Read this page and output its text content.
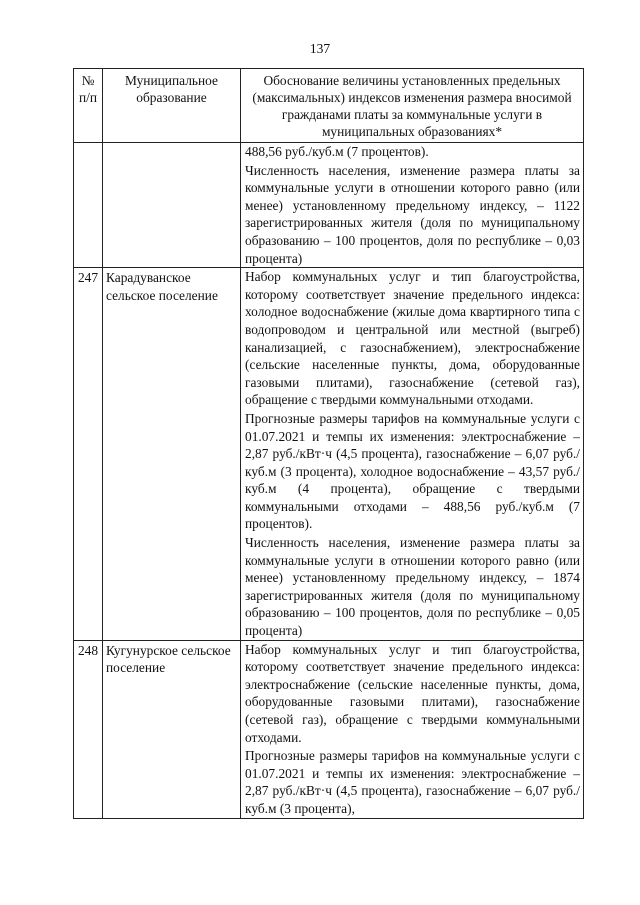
137
№ п/п	Муниципальное образование	Обоснование величины установленных предельных (максимальных) индексов изменения размера вносимой гражданами платы за коммунальные услуги в муниципальных образованиях*

		488,56 руб./куб.м (7 процентов).

Численность населения, изменение размера платы за коммунальные услуги в отношении которого равно (или менее) установленному предельному индексу, – 1122 зарегистрированных жителя (доля по муниципальному образованию – 100 процентов, доля по республике – 0,03 процента)

247	Карадуванское сельское поселение	Набор коммунальных услуг и тип благоустройства, которому соответствует значение предельного индекса: холодное водоснабжение (жилые дома квартирного типа с водопроводом и центральной или местной (выгреб) канализацией, с газоснабжением), электроснабжение (сельские населенные пункты, дома, оборудованные газовыми плитами), газоснабжение (сетевой газ), обращение с твердыми коммунальными отходами.

Прогнозные размеры тарифов на коммунальные услуги с 01.07.2021 и темпы их изменения: электроснабжение – 2,87 руб./кВт·ч (4,5 процента), газоснабжение – 6,07 руб./куб.м (3 процента), холодное водоснабжение – 43,57 руб./куб.м (4 процента), обращение с твердыми коммунальными отходами – 488,56 руб./куб.м (7 процентов).

Численность населения, изменение размера платы за коммунальные услуги в отношении которого равно (или менее) установленному предельному индексу, – 1874 зарегистрированных жителя (доля по муниципальному образованию – 100 процентов, доля по республике – 0,05 процента)

248	Кугунурское сельское поселение	Набор коммунальных услуг и тип благоустройства, которому соответствует значение предельного индекса: электроснабжение (сельские населенные пункты, дома, оборудованные газовыми плитами), газоснабжение (сетевой газ), обращение с твердыми коммунальными отходами.

Прогнозные размеры тарифов на коммунальные услуги с 01.07.2021 и темпы их изменения: электроснабжение – 2,87 руб./кВт·ч (4,5 процента), газоснабжение – 6,07 руб./куб.м (3 процента),
